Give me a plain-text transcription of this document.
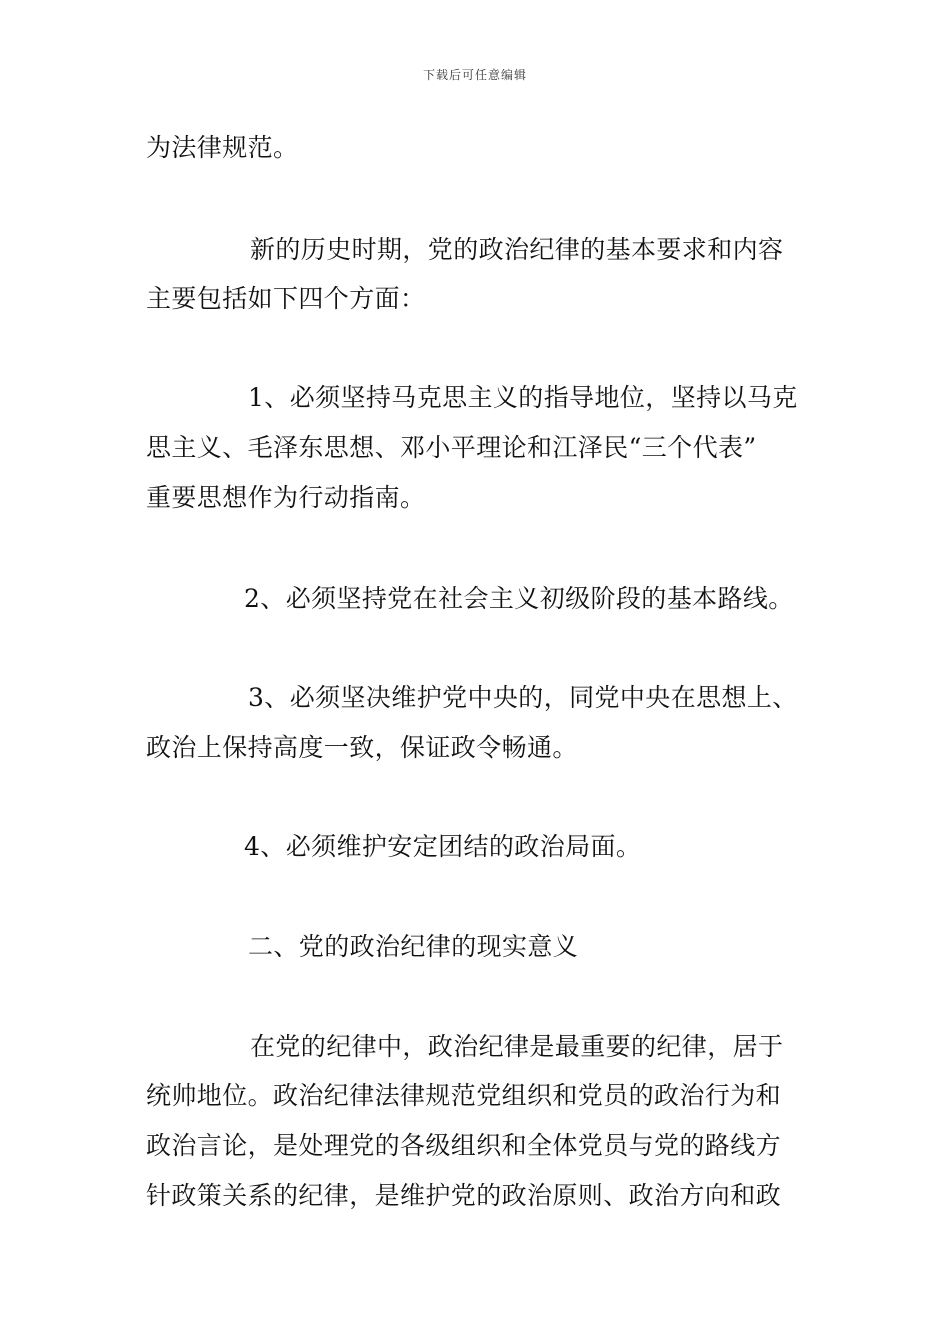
下载后可任意编辑
为法律规范。
新的历史时期，党的政治纪律的基本要求和内容
主要包括如下四个方面：
1、必须坚持马克思主义的指导地位，坚持以马克
思主义、毛泽东思想、邓小平理论和江泽民“三个代表”
重要思想作为行动指南。
2、必须坚持党在社会主义初级阶段的基本路线。
3、必须坚决维护党中央的，同党中央在思想上、
政治上保持高度一致，保证政令畅通。
4、必须维护安定团结的政治局面。
二、党的政治纪律的现实意义
在党的纪律中，政治纪律是最重要的纪律，居于
统帅地位。政治纪律法律规范党组织和党员的政治行为和
政治言论，是处理党的各级组织和全体党员与党的路线方
针政策关系的纪律，是维护党的政治原则、政治方向和政
